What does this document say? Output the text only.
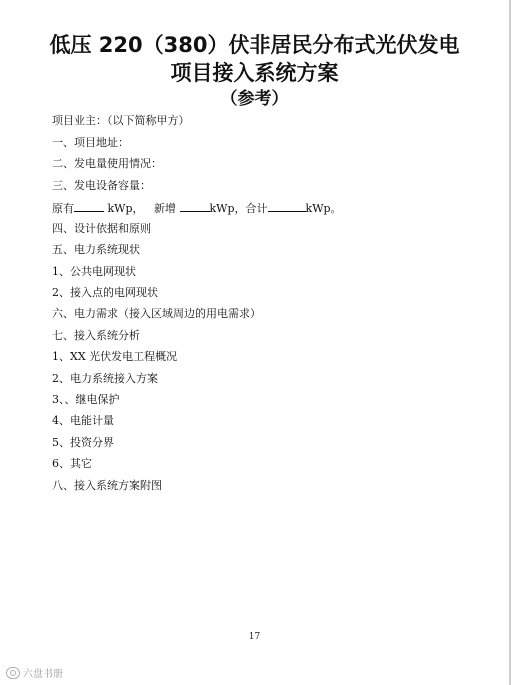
低压 220（380）伏非居民分布式光伏发电
项目接入系统方案
（参考）
项目业主：（以下简称甲方）
一、项目地址：
二、发电量使用情况：
三、发电设备容量：
原有	kWp， 新增	kWp，合计	kWp。
四、设计依据和原则
五、电力系统现状
1、公共电网现状
2、接入点的电网现状
六、电力需求（接入区域周边的用电需求）
七、接入系统分析
1、XX 光伏发电工程概况
2、电力系统接入方案
3、、继电保护
4、电能计量
5、投资分界
6、其它
八、接入系统方案附图
17
六盘书册
